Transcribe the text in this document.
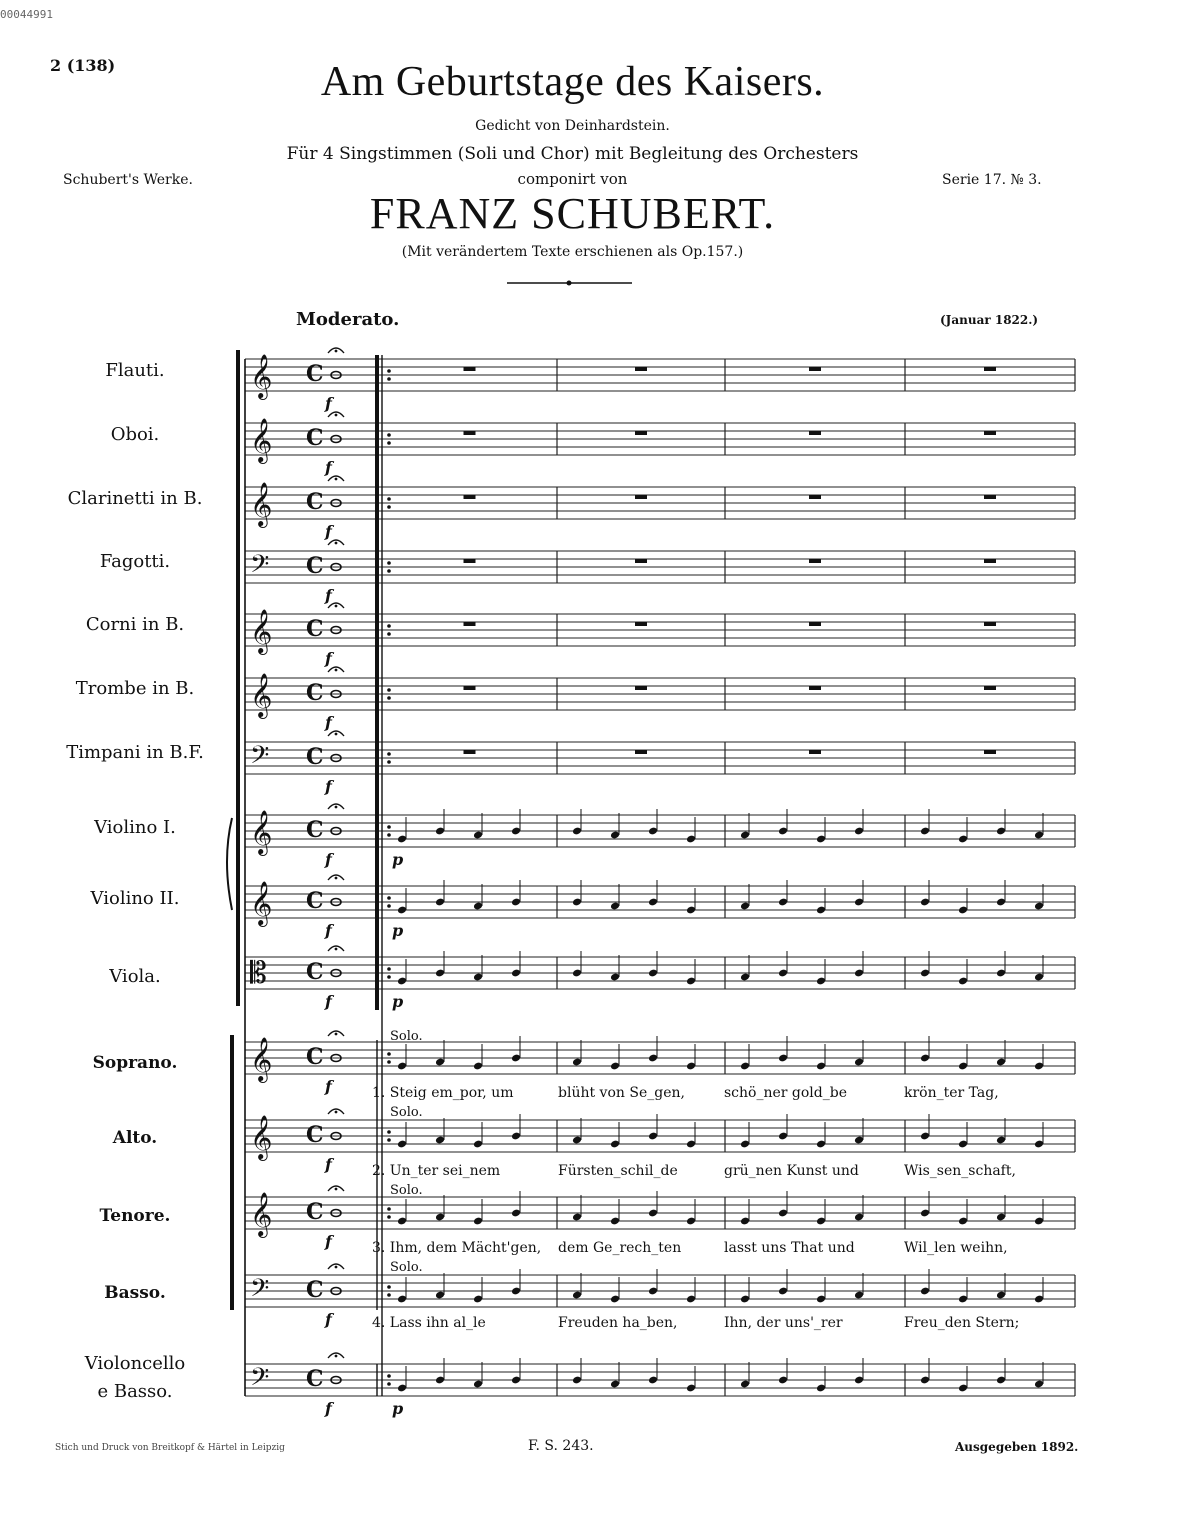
00044991
2 (138)	Am Geburtstage des Kaisers.
Gedicht von Deinhardstein.
Für 4 Singstimmen (Soli und Chor) mit Begleitung des Orchesters
componirt von
FRANZ SCHUBERT.
(Mit verändertem Texte erschienen als Op.157.)
Schubert's Werke.	Serie 17. № 3.
Moderato.	(Januar 1822.)
Flauti.
Oboi.
Clarinetti in B.
Fagotti.
Corni in B.
Trombe in B.
Timpani in B.F.
Violino I.
Violino II.
Viola.
Soprano.
Alto.
Tenore.
Basso.
Violoncello
e Basso.
𝄞 C
𝄞 C
𝄞 C
𝄢 C
𝄞 C
𝄞 C
𝄢 C
𝄞 C
𝄞 C
𝄡 C
𝄞 C
𝄞 C
𝄞 C
𝄢 C
𝄢 C
f
f
f
f
f
f
f
f
f
f
f
f
f
f
f
p
p
p
p
Solo.
Solo.
Solo.
Solo.
1. Steig em_por, um	blüht von Se_gen,	schö_ner gold_be	krön_ter Tag,
2. Un_ter sei_nem	Fürsten_schil_de	grü_nen Kunst und	Wis_sen_schaft,
3. Ihm, dem Mächt'gen, dem Ge_rech_ten	lasst uns That und	Wil_len weihn,
4. Lass ihn al_le	Freuden ha_ben,	Ihn, der uns'_rer	Freu_den Stern;
Stich und Druck von Breitkopf & Härtel in Leipzig	F. S. 243.	Ausgegeben 1892.
